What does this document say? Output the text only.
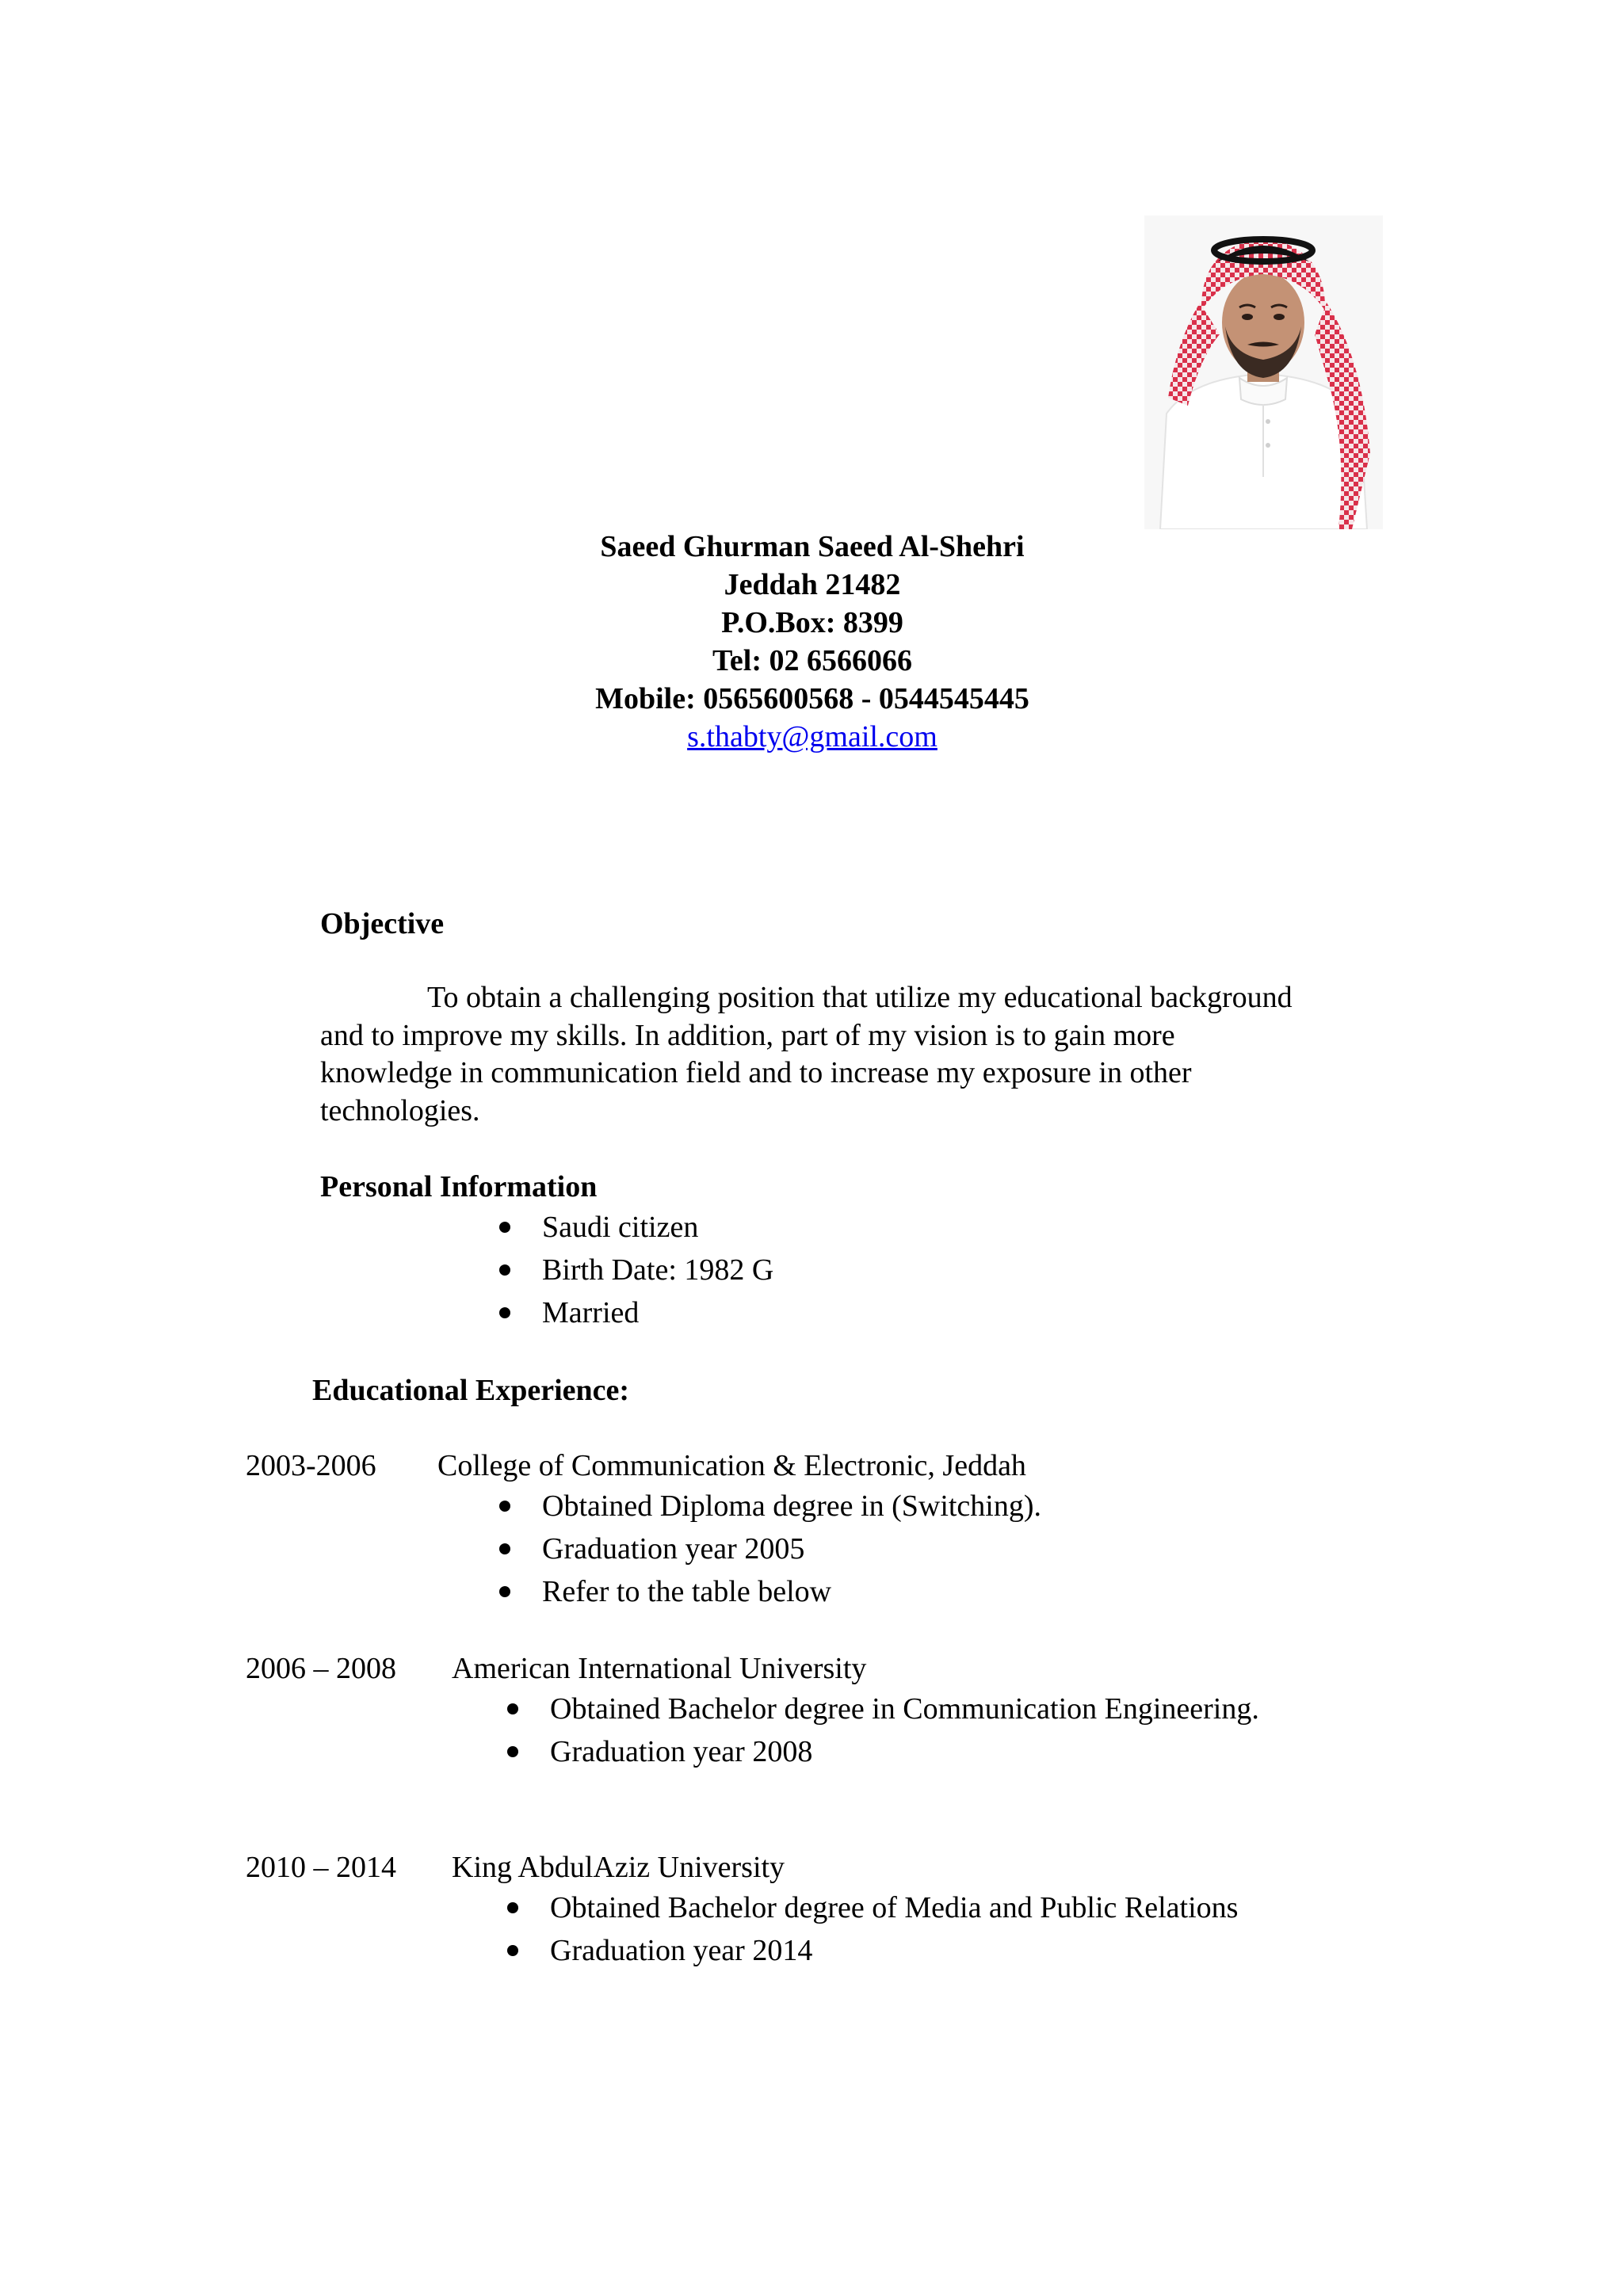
Saeed Ghurman Saeed Al-Shehri
Jeddah 21482
P.O.Box: 8399
Tel: 02 6566066
Mobile: 0565600568 - 0544545445
s.thabty@gmail.com
Objective
To obtain a challenging position that utilize my educational background
and to improve my skills. In addition, part of my vision is to gain more
knowledge in communication field and to increase my exposure in other
technologies.
Personal Information
Saudi citizen
Birth Date: 1982 G
Married
Educational Experience:
2003-2006 College of Communication & Electronic, Jeddah
Obtained Diploma degree in (Switching).
Graduation year 2005
Refer to the table below
2006 – 2008 American International University
Obtained Bachelor degree in Communication Engineering.
Graduation year 2008
2010 – 2014 King AbdulAziz University
Obtained Bachelor degree of Media and Public Relations
Graduation year 2014
